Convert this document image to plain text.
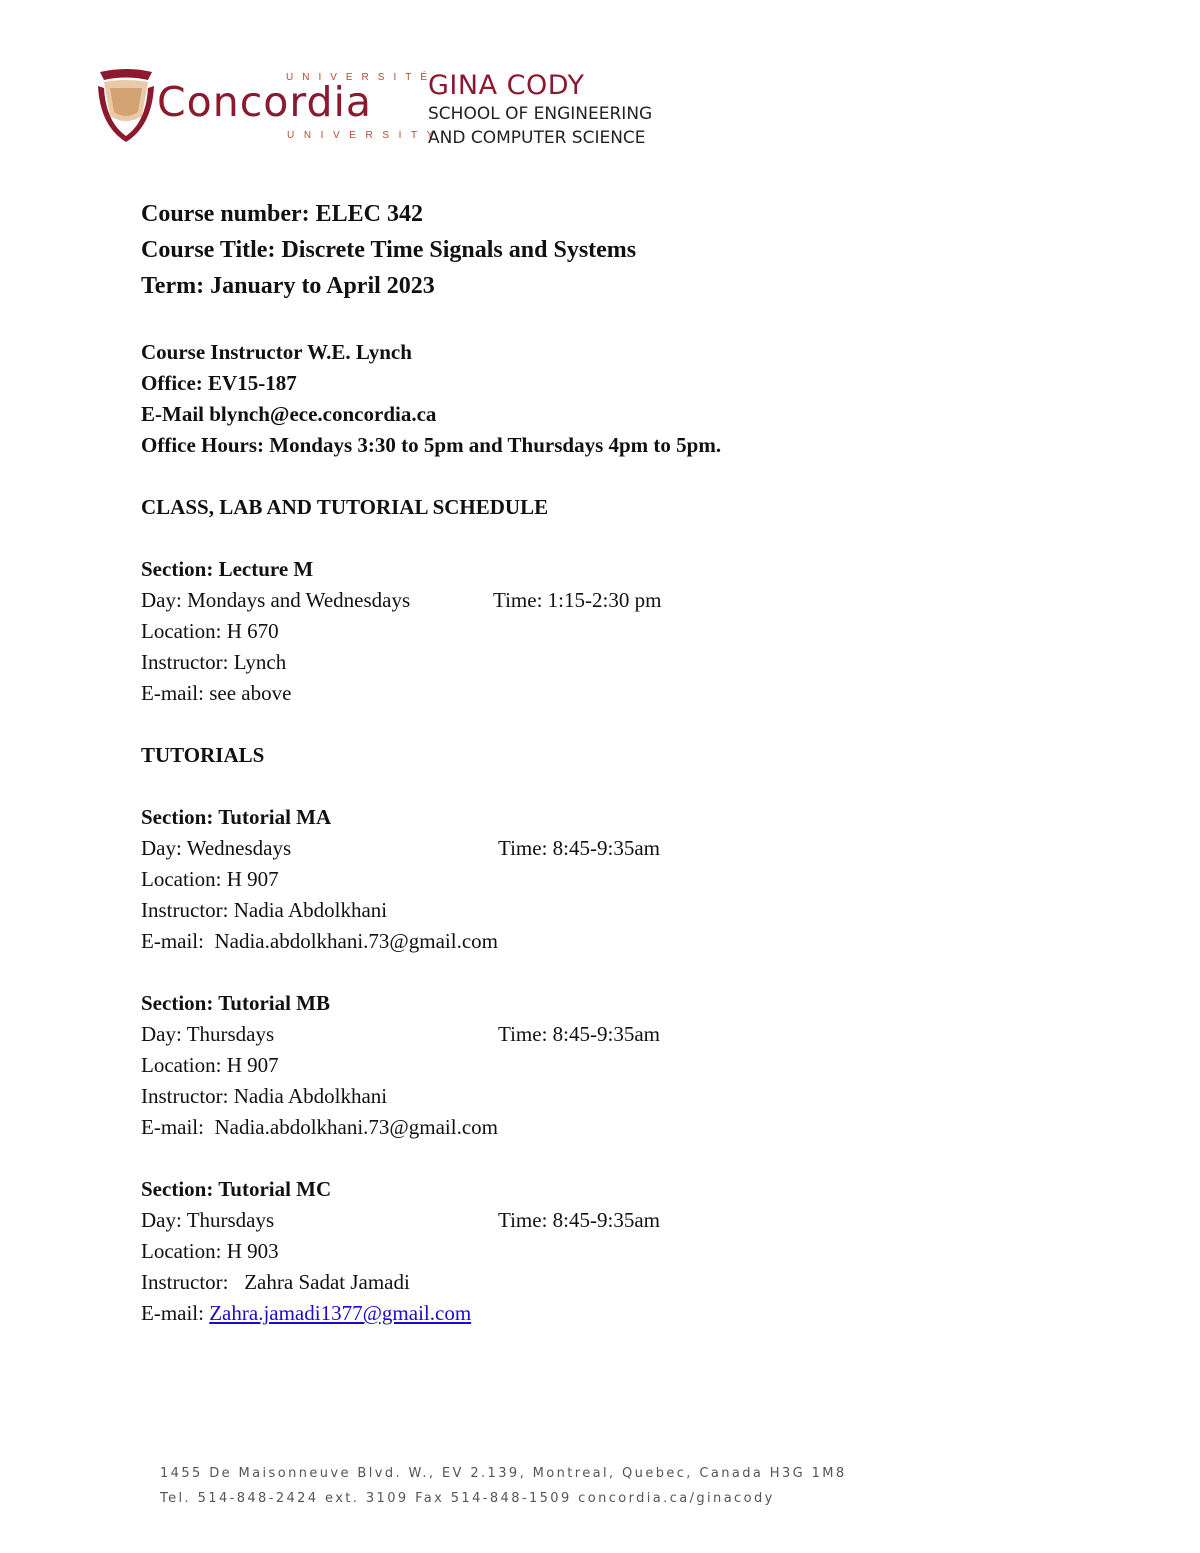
UNIVERSITÉ
Concordia
UNIVERSITY
GINA CODY
SCHOOL OF ENGINEERING
AND COMPUTER SCIENCE
Course number: ELEC 342
Course Title: Discrete Time Signals and Systems
Term: January to April 2023
Course Instructor W.E. Lynch
Office: EV15-187
E-Mail blynch@ece.concordia.ca
Office Hours: Mondays 3:30 to 5pm and Thursdays 4pm to 5pm.
CLASS, LAB AND TUTORIAL SCHEDULE
Section: Lecture M
Day: Mondays and Wednesdays	Time: 1:15-2:30 pm
Location: H 670
Instructor: Lynch
E-mail: see above
TUTORIALS
Section: Tutorial MA
Day: Wednesdays	Time: 8:45-9:35am
Location: H 907
Instructor: Nadia Abdolkhani
E-mail:  Nadia.abdolkhani.73@gmail.com
Section: Tutorial MB
Day: Thursdays	Time: 8:45-9:35am
Location: H 907
Instructor: Nadia Abdolkhani
E-mail:  Nadia.abdolkhani.73@gmail.com
Section: Tutorial MC
Day: Thursdays	Time: 8:45-9:35am
Location: H 903
Instructor:   Zahra Sadat Jamadi
E-mail: Zahra.jamadi1377@gmail.com
1455 De Maisonneuve Blvd. W., EV 2.139, Montreal, Quebec, Canada H3G 1M8
Tel. 514-848-2424 ext. 3109 Fax 514-848-1509 concordia.ca/ginacody
